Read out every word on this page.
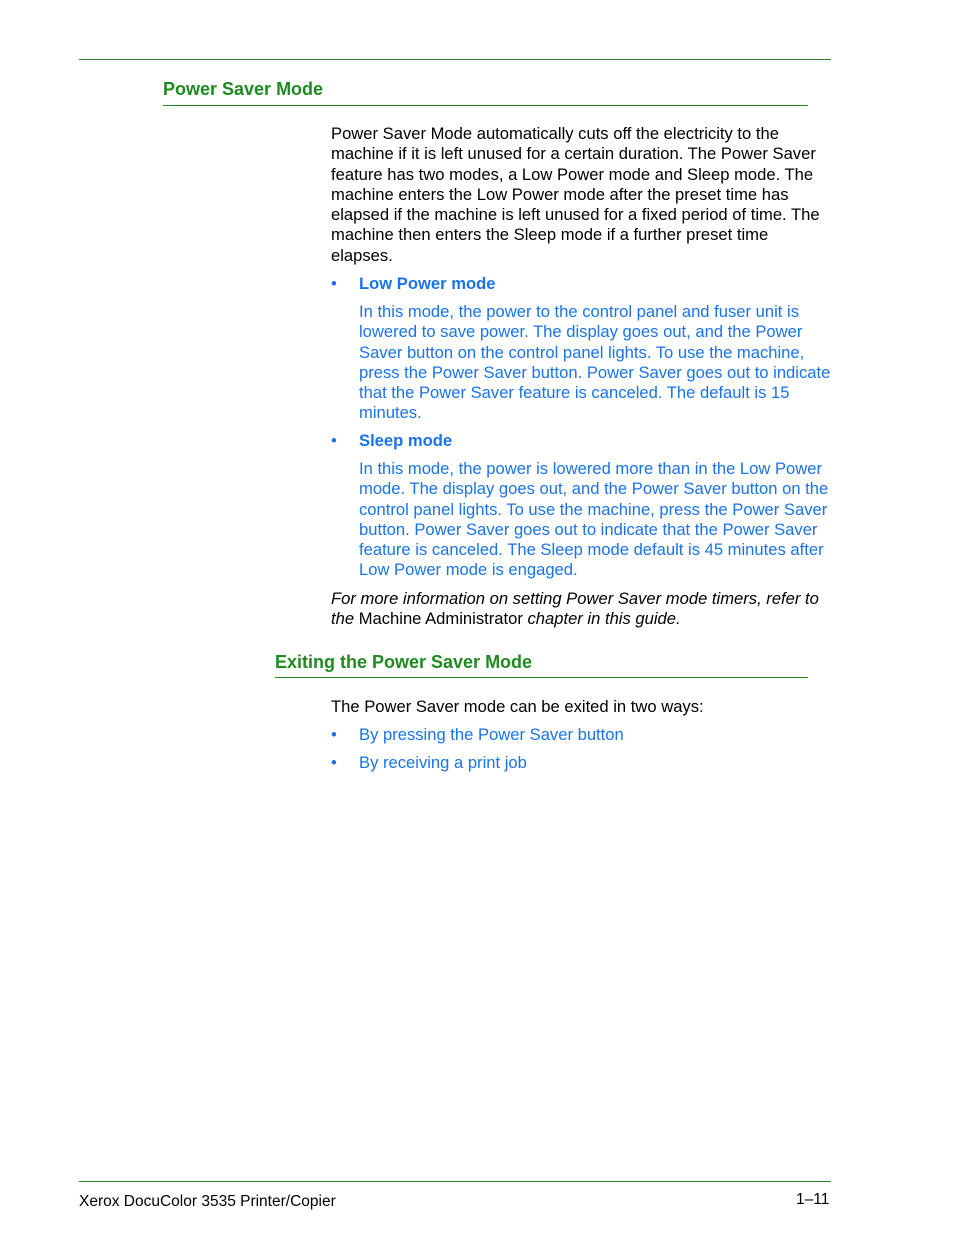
Power Saver Mode

Power Saver Mode automatically cuts off the electricity to the machine if it is left unused for a certain duration. The Power Saver feature has two modes, a Low Power mode and Sleep mode. The machine enters the Low Power mode after the preset time has elapsed if the machine is left unused for a fixed period of time. The machine then enters the Sleep mode if a further preset time elapses.

• Low Power mode

In this mode, the power to the control panel and fuser unit is lowered to save power. The display goes out, and the Power Saver button on the control panel lights. To use the machine, press the Power Saver button. Power Saver goes out to indicate that the Power Saver feature is canceled. The default is 15 minutes.

• Sleep mode

In this mode, the power is lowered more than in the Low Power mode. The display goes out, and the Power Saver button on the control panel lights. To use the machine, press the Power Saver button. Power Saver goes out to indicate that the Power Saver feature is canceled. The Sleep mode default is 45 minutes after Low Power mode is engaged.

For more information on setting Power Saver mode timers, refer to the Machine Administrator chapter in this guide.

Exiting the Power Saver Mode

The Power Saver mode can be exited in two ways:

• By pressing the Power Saver button
• By receiving a print job
Xerox DocuColor 3535 Printer/Copier	1–11
